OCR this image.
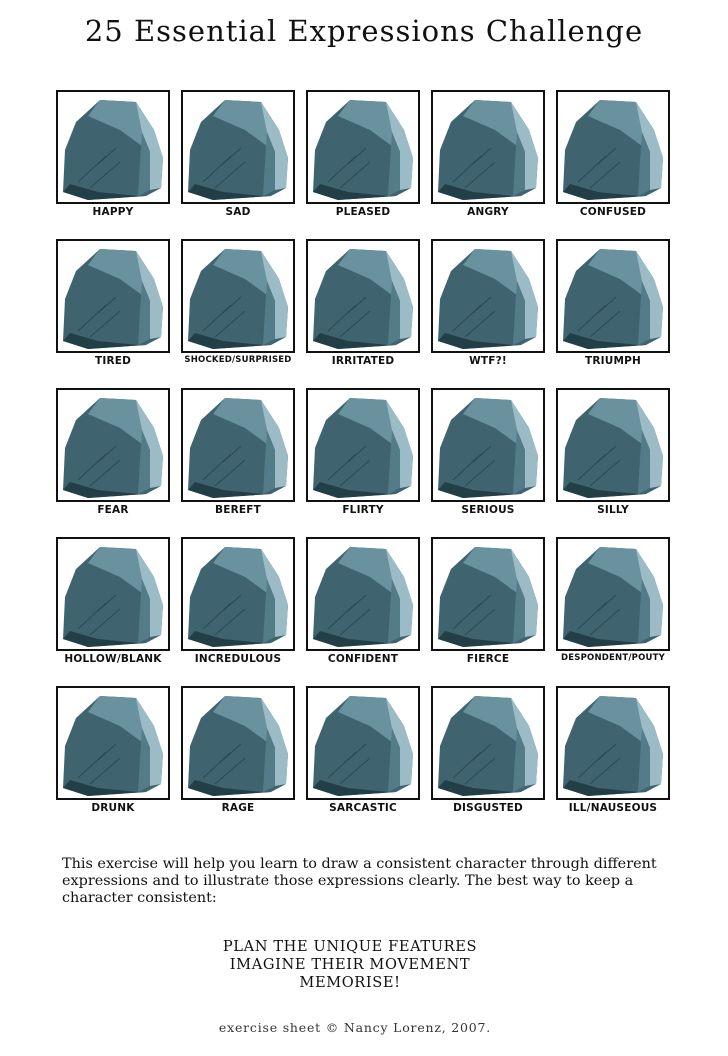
25 Essential Expressions Challenge
HAPPY	SAD	PLEASED	ANGRY	CONFUSED
TIRED	SHOCKED/SURPRISED	IRRITATED	WTF?!	TRIUMPH
FEAR	BEREFT	FLIRTY	SERIOUS	SILLY
HOLLOW/BLANK	INCREDULOUS	CONFIDENT	FIERCE	DESPONDENT/POUTY
DRUNK	RAGE	SARCASTIC	DISGUSTED	ILL/NAUSEOUS

This exercise will help you learn to draw a consistent character through different expressions and to illustrate those expressions clearly. The best way to keep a character consistent:

PLAN THE UNIQUE FEATURES
IMAGINE THEIR MOVEMENT
MEMORISE!
exercise sheet © Nancy Lorenz, 2007.
